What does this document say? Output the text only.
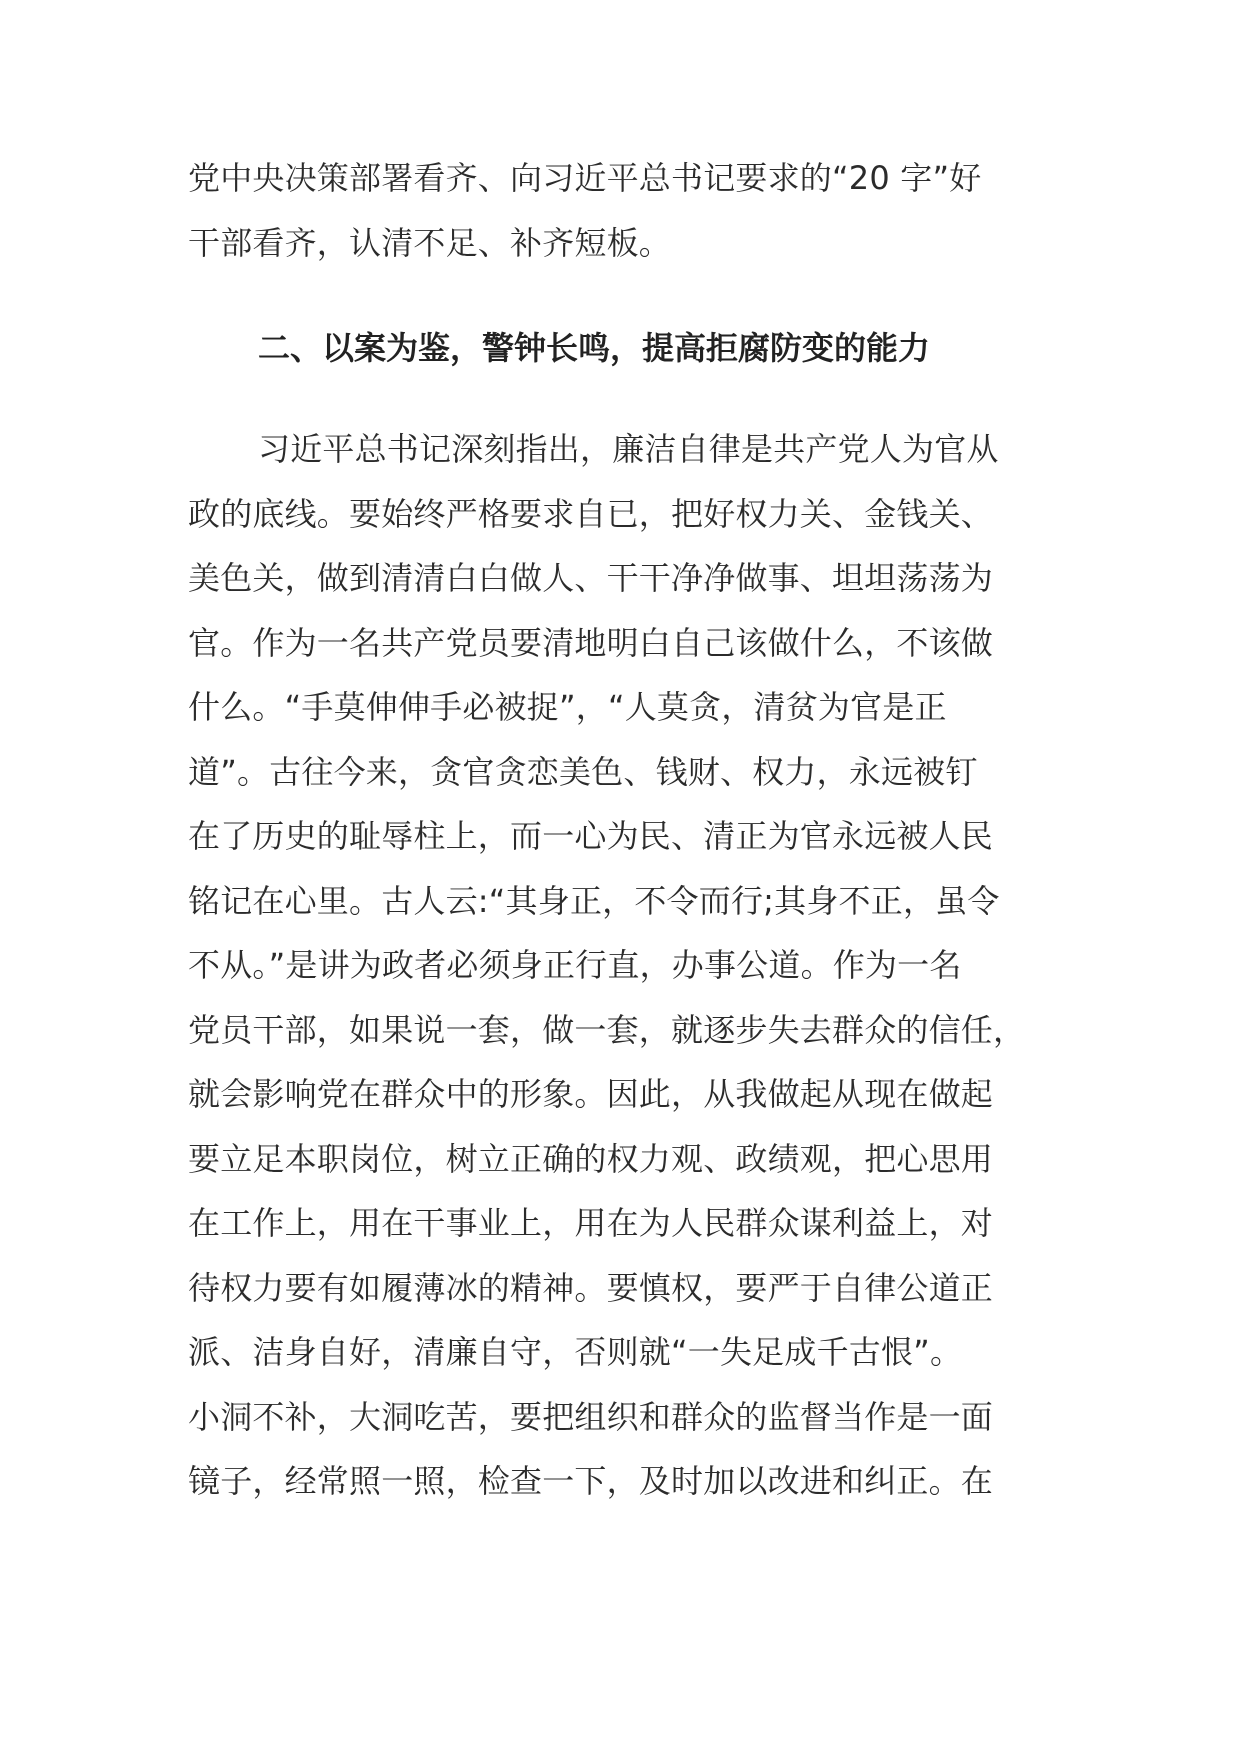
党中央决策部署看齐、向习近平总书记要求的“20 字”好
干部看齐，认清不足、补齐短板。
二、以案为鉴，警钟长鸣，提高拒腐防变的能力
习近平总书记深刻指出，廉洁自律是共产党人为官从
政的底线。要始终严格要求自已，把好权力关、金钱关、
美色关，做到清清白白做人、干干净净做事、坦坦荡荡为
官。作为一名共产党员要清地明白自己该做什么，不该做
什么。“手莫伸伸手必被捉”，“人莫贪，清贫为官是正
道”。古往今来，贪官贪恋美色、钱财、权力，永远被钉
在了历史的耻辱柱上，而一心为民、清正为官永远被人民
铭记在心里。古人云:“其身正，不令而行;其身不正，虽令
不从。”是讲为政者必须身正行直，办事公道。作为一名
党员干部，如果说一套，做一套，就逐步失去群众的信任，
就会影响党在群众中的形象。因此，从我做起从现在做起
要立足本职岗位，树立正确的权力观、政绩观，把心思用
在工作上，用在干事业上，用在为人民群众谋利益上，对
待权力要有如履薄冰的精神。要慎权，要严于自律公道正
派、洁身自好，清廉自守，否则就“一失足成千古恨”。
小洞不补，大洞吃苦，要把组织和群众的监督当作是一面
镜子，经常照一照，检查一下，及时加以改进和纠正。在
